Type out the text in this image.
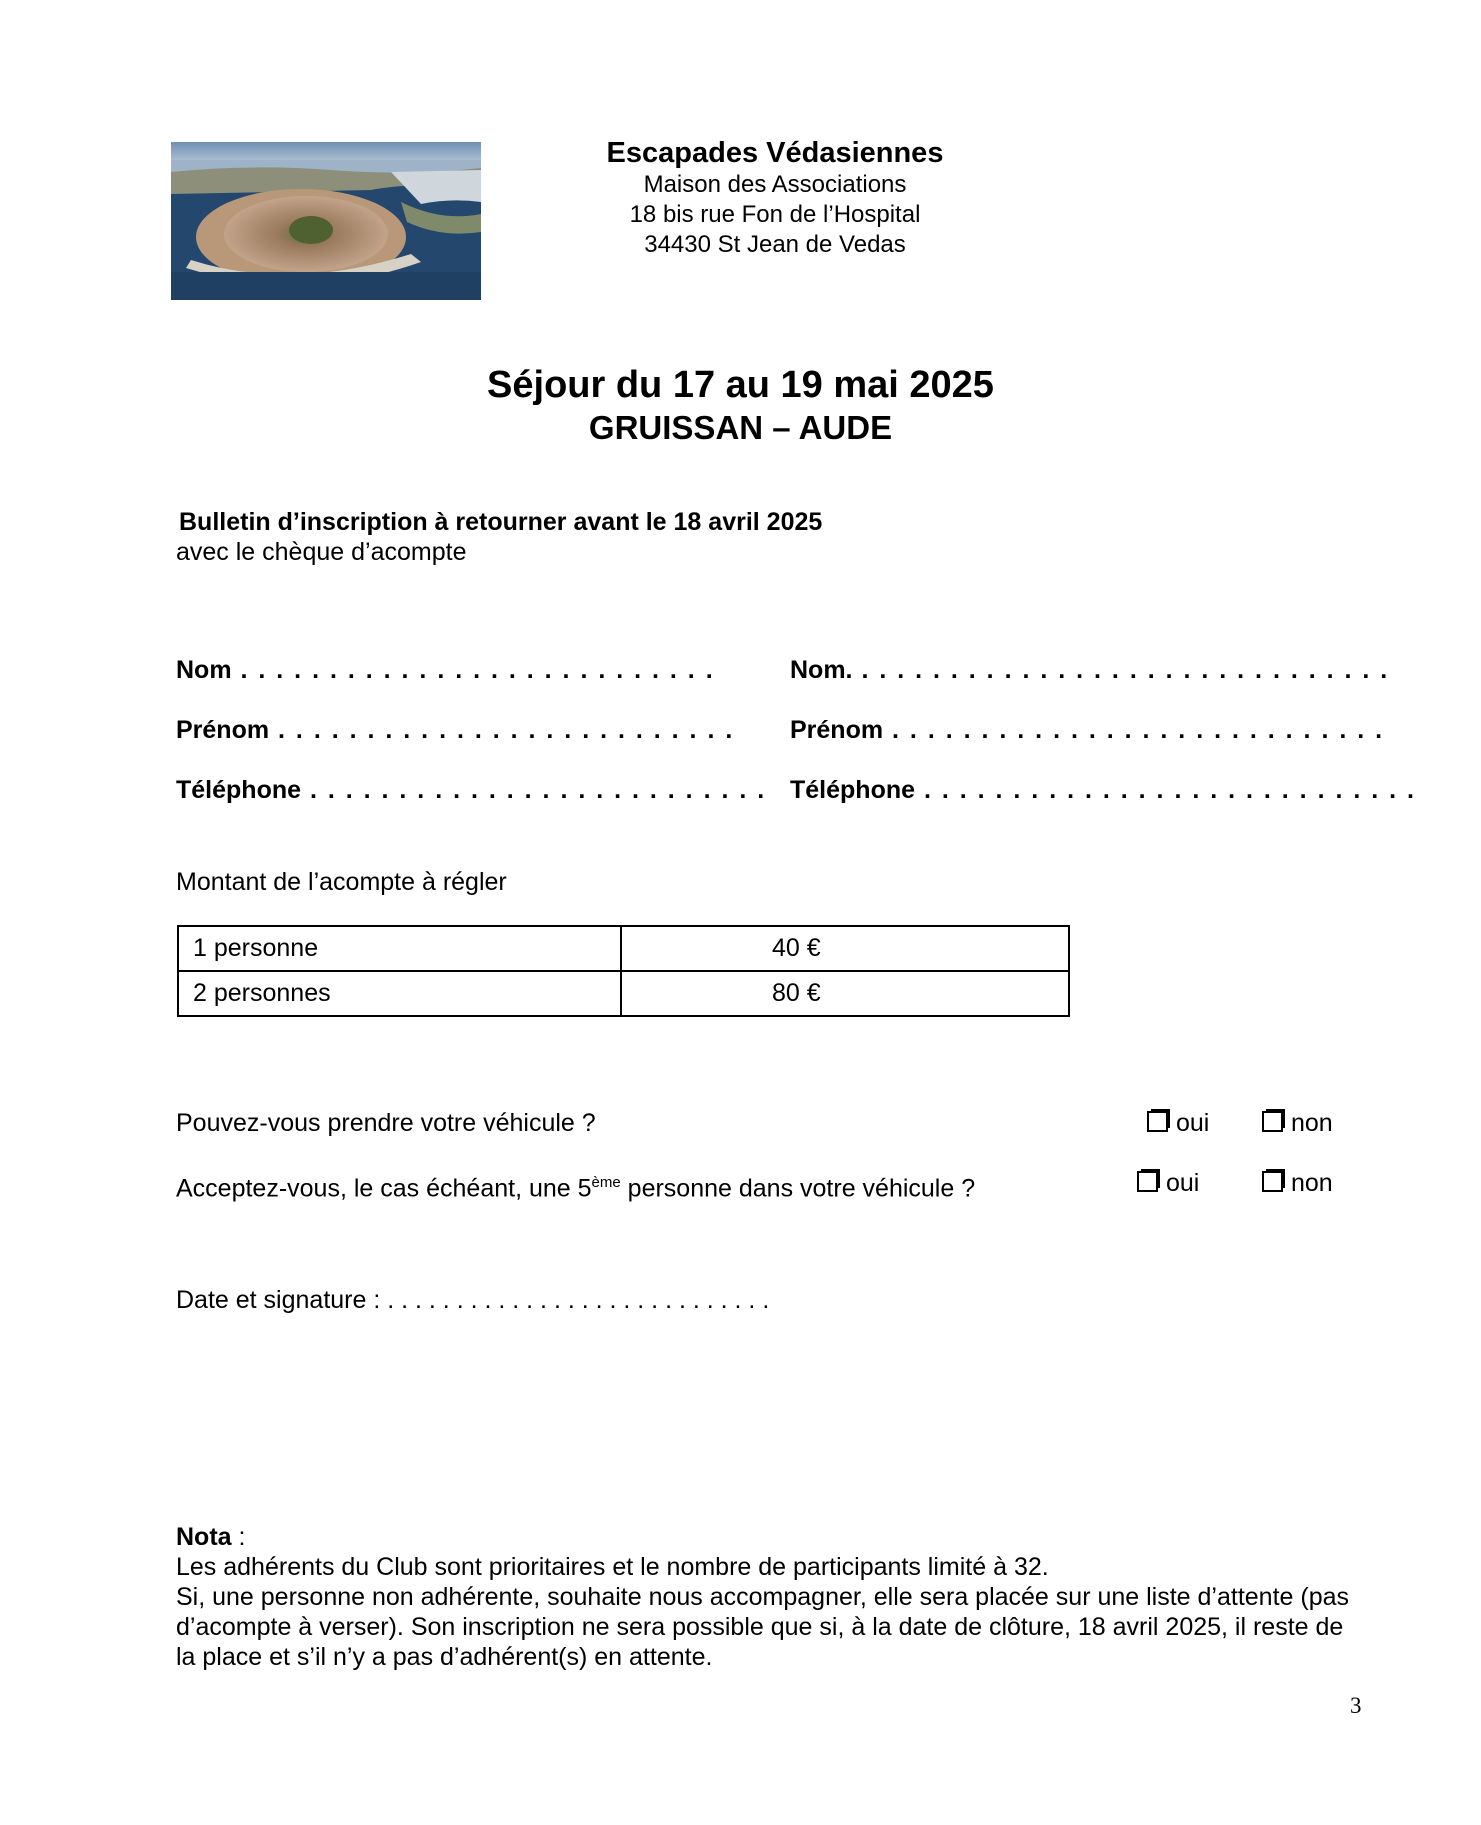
Escapades Védasiennes
Maison des Associations
18 bis rue Fon de l’Hospital
34430 St Jean de Vedas
Séjour du 17 au 19 mai 2025
GRUISSAN – AUDE
Bulletin d’inscription à retourner avant le 18 avril 2025
avec le chèque d’acompte
Nom . . . . . . . . . . . . . . . . . . . . . . . . . . .
Prénom . . . . . . . . . . . . . . . . . . . . . . . . . .
Téléphone . . . . . . . . . . . . . . . . . . . . . . . . . .
Nom. . . . . . . . . . . . . . . . . . . . . . . . . . . . . . .
Prénom . . . . . . . . . . . . . . . . . . . . . . . . . . . .
Téléphone . . . . . . . . . . . . . . . . . . . . . . . . . . . .
Montant de l’acompte à régler
1 personne	40 €
2 personnes	80 €
Pouvez-vous prendre votre véhicule ?	oui	non
Acceptez-vous, le cas échéant, une 5ème personne dans votre véhicule ?	oui	non
Date et signature : . . . . . . . . . . . . . . . . . . . . . . . . . . . .
Nota :
Les adhérents du Club sont prioritaires et le nombre de participants limité à 32.
Si, une personne non adhérente, souhaite nous accompagner, elle sera placée sur une liste d’attente (pas d’acompte à verser). Son inscription ne sera possible que si, à la date de clôture, 18 avril 2025, il reste de la place et s’il n’y a pas d’adhérent(s) en attente.
3
